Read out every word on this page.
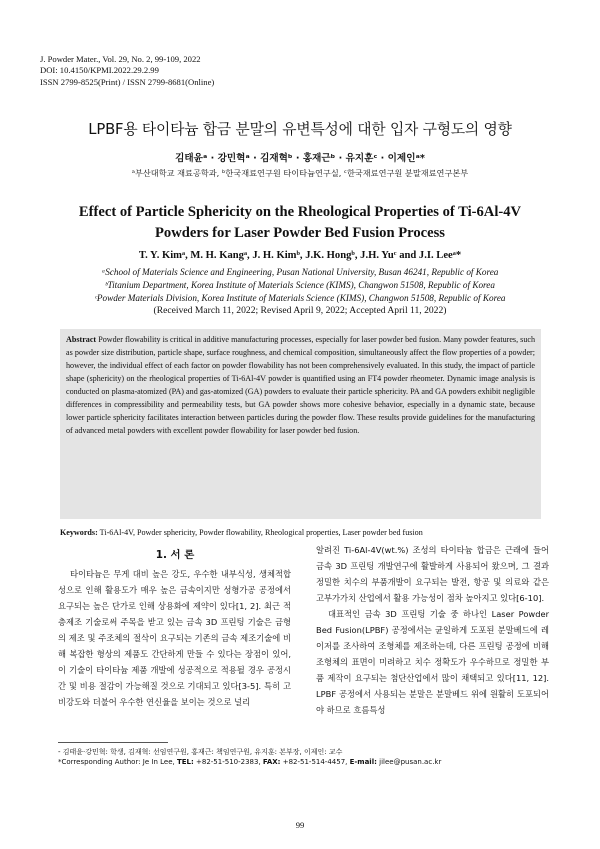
J. Powder Mater., Vol. 29, No. 2, 99-109, 2022
DOI: 10.4150/KPMI.2022.29.2.99
ISSN 2799-8525(Print) / ISSN 2799-8681(Online)
LPBF용 타이타늄 합금 분말의 유변특성에 대한 입자 구형도의 영향
김태윤ᵃ · 강민혁ᵃ · 김재혁ᵇ · 홍재근ᵇ · 유지훈ᶜ · 이제인ᵃ*
ᵃ부산대학교 재료공학과, ᵇ한국재료연구원 타이타늄연구실, ᶜ한국재료연구원 분말재료연구본부
Effect of Particle Sphericity on the Rheological Properties of Ti-6Al-4V
Powders for Laser Powder Bed Fusion Process
T. Y. Kimᵃ, M. H. Kangᵃ, J. H. Kimᵇ, J.K. Hongᵇ, J.H. Yuᶜ and J.I. Leeᵃ*
ᵃSchool of Materials Science and Engineering, Pusan National University, Busan 46241, Republic of Korea
ᵇTitanium Department, Korea Institute of Materials Science (KIMS), Changwon 51508, Republic of Korea
ᶜPowder Materials Division, Korea Institute of Materials Science (KIMS), Changwon 51508, Republic of Korea
(Received March 11, 2022; Revised April 9, 2022; Accepted April 11, 2022)
Abstract Powder flowability is critical in additive manufacturing processes, especially for laser powder bed fusion. Many powder features, such as powder size distribution, particle shape, surface roughness, and chemical composition, simultaneously affect the flow properties of a powder; however, the individual effect of each factor on powder flowability has not been comprehensively evaluated. In this study, the impact of particle shape (sphericity) on the rheological properties of Ti-6Al-4V powder is quantified using an FT4 powder rheometer. Dynamic image analysis is conducted on plasma-atomized (PA) and gas-atomized (GA) powders to evaluate their particle sphericity. PA and GA powders exhibit negligible differences in compressibility and permeability tests, but GA powder shows more cohesive behavior, especially in a dynamic state, because lower particle sphericity facilitates interaction between particles during the powder flow. These results provide guidelines for the manufacturing of advanced metal powders with excellent powder flowability for laser powder bed fusion.
Keywords: Ti-6Al-4V, Powder sphericity, Powder flowability, Rheological properties, Laser powder bed fusion
1. 서 론

타이타늄은 무게 대비 높은 강도, 우수한 내부식성, 생체적합성으로 인해 활용도가 매우 높은 금속이지만 성형가공 공정에서 요구되는 높은 단가로 인해 상용화에 제약이 있다[1, 2]. 최근 적층제조 기술로써 주목을 받고 있는 금속 3D 프린팅 기술은 금형의 제조 및 주조체의 절삭이 요구되는 기존의 금속 제조기술에 비해 복잡한 형상의 제품도 간단하게 만들 수 있다는 장점이 있어, 이 기술이 타이타늄 제품 개발에 성공적으로 적용될 경우 공정시간 및 비용 절감이 가능해질 것으로 기대되고 있다[3-5]. 특히 고비강도와 더불어 우수한 연신율을 보이는 것으로 널리

알려진 Ti-6Al-4V(wt.%) 조성의 타이타늄 합금은 근래에 들어 금속 3D 프린팅 개발연구에 활발하게 사용되어 왔으며, 그 결과 정밀한 치수의 부품개발이 요구되는 발전, 항공 및 의료와 같은 고부가가치 산업에서 활용 가능성이 점차 높아지고 있다[6-10].

대표적인 금속 3D 프린팅 기술 중 하나인 Laser Powder Bed Fusion(LPBF) 공정에서는 균일하게 도포된 분말베드에 레이저를 조사하여 조형체를 제조하는데, 다른 프린팅 공정에 비해 조형체의 표면이 미려하고 치수 정확도가 우수하므로 정밀한 부품 제작이 요구되는 첨단산업에서 많이 채택되고 있다[11, 12]. LPBF 공정에서 사용되는 분말은 분말베드 위에 원활히 도포되어야 하므로 흐름특성

- 김태윤·강민혁: 학생, 김재혁: 선임연구원, 홍재근: 책임연구원, 유지훈: 본부장, 이제인: 교수
*Corresponding Author: Je In Lee, TEL: +82-51-510-2383, FAX: +82-51-514-4457, E-mail: jilee@pusan.ac.kr
99
